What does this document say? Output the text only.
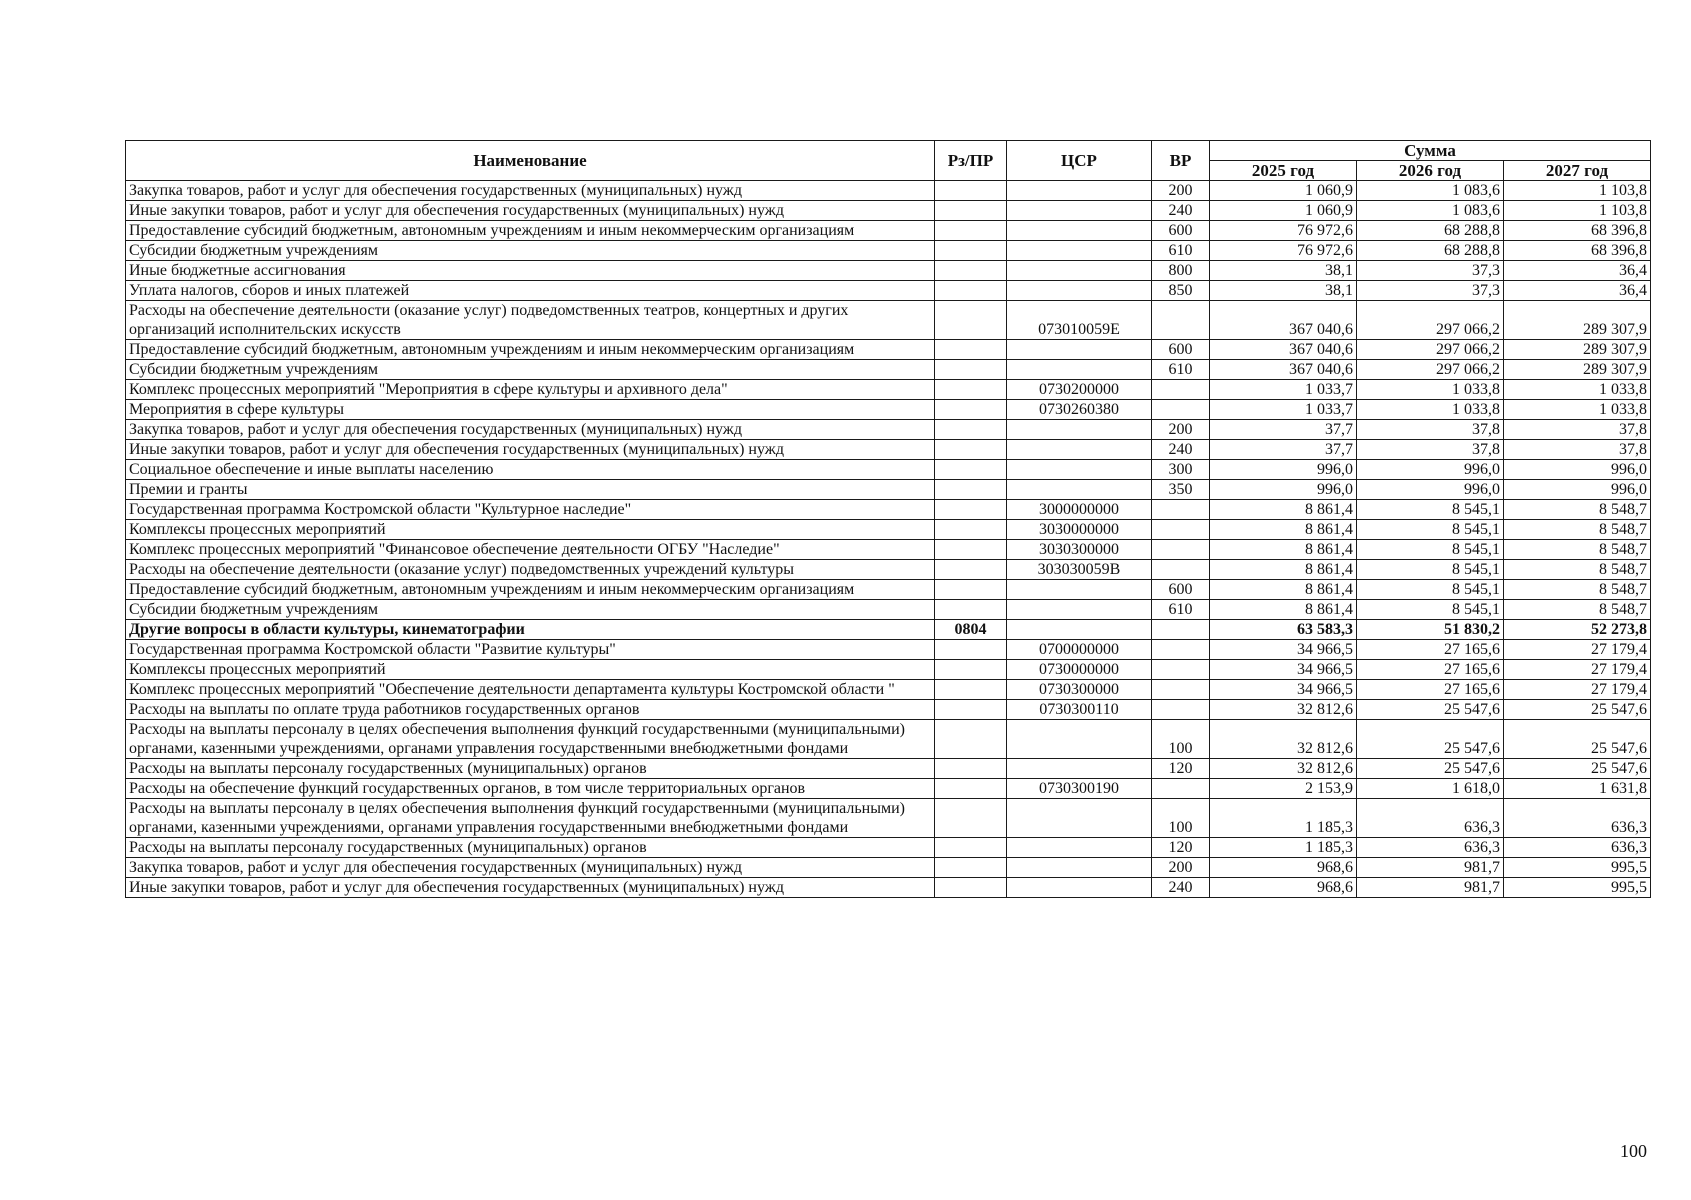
Наименование	Рз/ПР	ЦСР	ВР	Сумма		
				2025 год	2026 год	2027 год
Закупка товаров, работ и услуг для обеспечения государственных (муниципальных) нужд			200	1 060,9	1 083,6	1 103,8
Иные закупки товаров, работ и услуг для обеспечения государственных (муниципальных) нужд			240	1 060,9	1 083,6	1 103,8
Предоставление субсидий бюджетным, автономным учреждениям и иным некоммерческим организациям			600	76 972,6	68 288,8	68 396,8
Субсидии бюджетным учреждениям			610	76 972,6	68 288,8	68 396,8
Иные бюджетные ассигнования			800	38,1	37,3	36,4
Уплата налогов, сборов и иных платежей			850	38,1	37,3	36,4
Расходы на обеспечение деятельности (оказание услуг) подведомственных театров, концертных и других организаций исполнительских искусств		073010059Е		367 040,6	297 066,2	289 307,9
Предоставление субсидий бюджетным, автономным учреждениям и иным некоммерческим организациям			600	367 040,6	297 066,2	289 307,9
Субсидии бюджетным учреждениям			610	367 040,6	297 066,2	289 307,9
Комплекс процессных мероприятий "Мероприятия в сфере культуры и архивного дела"		0730200000		1 033,7	1 033,8	1 033,8
Мероприятия в сфере культуры		0730260380		1 033,7	1 033,8	1 033,8
Закупка товаров, работ и услуг для обеспечения государственных (муниципальных) нужд			200	37,7	37,8	37,8
Иные закупки товаров, работ и услуг для обеспечения государственных (муниципальных) нужд			240	37,7	37,8	37,8
Социальное обеспечение и иные выплаты населению			300	996,0	996,0	996,0
Премии и гранты			350	996,0	996,0	996,0
Государственная программа Костромской области "Культурное наследие"		3000000000		8 861,4	8 545,1	8 548,7
Комплексы процессных мероприятий		3030000000		8 861,4	8 545,1	8 548,7
Комплекс процессных мероприятий "Финансовое обеспечение деятельности ОГБУ "Наследие"		3030300000		8 861,4	8 545,1	8 548,7
Расходы на обеспечение деятельности (оказание услуг) подведомственных учреждений культуры		303030059В		8 861,4	8 545,1	8 548,7
Предоставление субсидий бюджетным, автономным учреждениям и иным некоммерческим организациям			600	8 861,4	8 545,1	8 548,7
Субсидии бюджетным учреждениям			610	8 861,4	8 545,1	8 548,7
Другие вопросы в области культуры, кинематографии	0804			63 583,3	51 830,2	52 273,8
Государственная программа Костромской области "Развитие культуры"		0700000000		34 966,5	27 165,6	27 179,4
Комплексы процессных мероприятий		0730000000		34 966,5	27 165,6	27 179,4
Комплекс процессных мероприятий "Обеспечение деятельности департамента культуры Костромской области "		0730300000		34 966,5	27 165,6	27 179,4
Расходы на выплаты по оплате труда работников государственных органов		0730300110		32 812,6	25 547,6	25 547,6
Расходы на выплаты персоналу в целях обеспечения выполнения функций государственными (муниципальными) органами, казенными учреждениями, органами управления государственными внебюджетными фондами			100	32 812,6	25 547,6	25 547,6
Расходы на выплаты персоналу государственных (муниципальных) органов			120	32 812,6	25 547,6	25 547,6
Расходы на обеспечение функций государственных органов, в том числе территориальных органов		0730300190		2 153,9	1 618,0	1 631,8
Расходы на выплаты персоналу в целях обеспечения выполнения функций государственными (муниципальными) органами, казенными учреждениями, органами управления государственными внебюджетными фондами			100	1 185,3	636,3	636,3
Расходы на выплаты персоналу государственных (муниципальных) органов			120	1 185,3	636,3	636,3
Закупка товаров, работ и услуг для обеспечения государственных (муниципальных) нужд			200	968,6	981,7	995,5
Иные закупки товаров, работ и услуг для обеспечения государственных (муниципальных) нужд			240	968,6	981,7	995,5
100
